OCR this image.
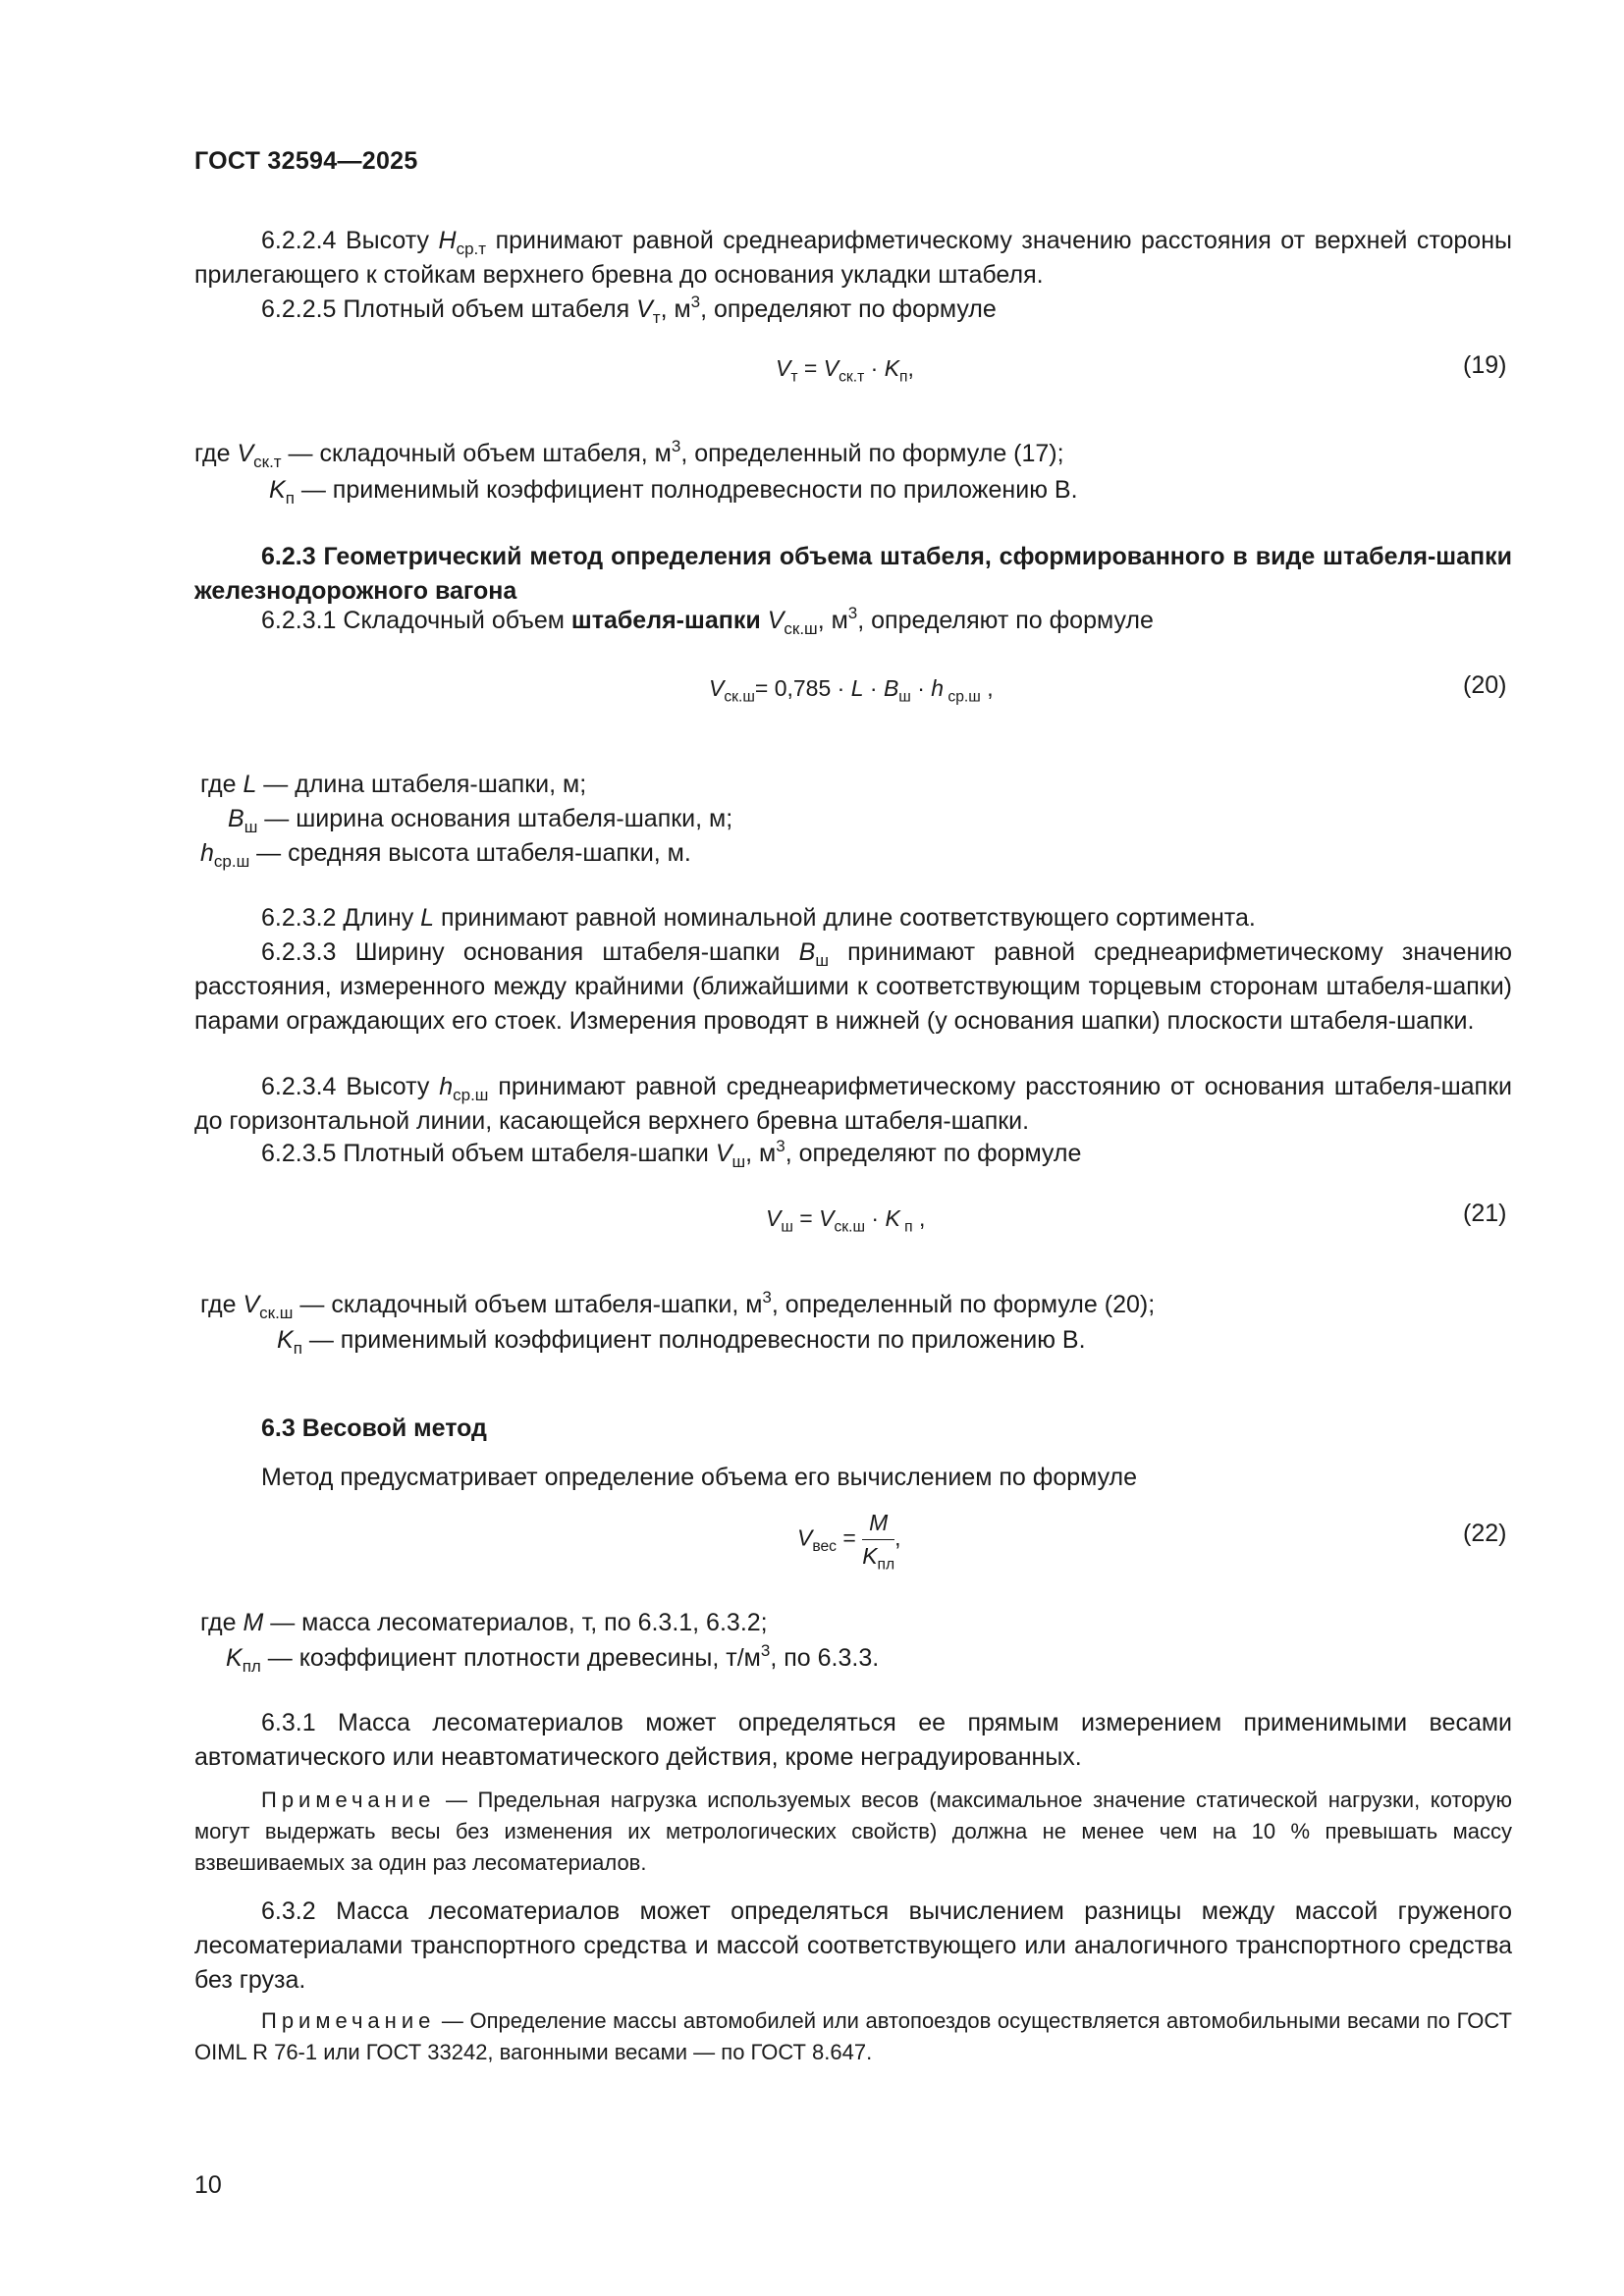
ГОСТ 32594—2025
6.2.2.4 Высоту $H_{ср.т}$ принимают равной среднеарифметическому значению расстояния от верхней стороны прилегающего к стойкам верхнего бревна до основания укладки штабеля.
6.2.2.5 Плотный объем штабеля $V_т$, $м^3$, определяют по формуле
$V_т = V_{ск.т} \cdot K_п$,	(19)
где $V_{ск.т}$ — складочный объем штабеля, $м^3$, определенный по формуле (17);
$K_п$ — применимый коэффициент полнодревесности по приложению В.
6.2.3 Геометрический метод определения объема штабеля, сформированного в виде штабеля-шапки железнодорожного вагона
6.2.3.1 Складочный объем штабеля-шапки $V_{ск.ш}$, $м^3$, определяют по формуле
$V_{ск.ш}= 0,785 \cdot L \cdot B_ш \cdot h$ $_{ср.ш}$ ,	(20)
где L — длина штабеля-шапки, м;
$B_ш$ — ширина основания штабеля-шапки, м;
$h_{ср.ш}$ — средняя высота штабеля-шапки, м.
6.2.3.2 Длину L принимают равной номинальной длине соответствующего сортимента.
6.2.3.3 Ширину основания штабеля-шапки $B_ш$ принимают равной среднеарифметическому значению расстояния, измеренного между крайними (ближайшими к соответствующим торцевым сторонам штабеля-шапки) парами ограждающих его стоек. Измерения проводят в нижней (у основания шапки) плоскости штабеля-шапки.
6.2.3.4 Высоту $h_{ср.ш}$ принимают равной среднеарифметическому расстоянию от основания штабеля-шапки до горизонтальной линии, касающейся верхнего бревна штабеля-шапки.
6.2.3.5 Плотный объем штабеля-шапки $V_ш$, $м^3$, определяют по формуле
$V_ш = V_{ск.ш} \cdot K$ $_п$ ,	(21)
где $V_{ск.ш}$ — складочный объем штабеля-шапки, $м^3$, определенный по формуле (20);
$K_п$ — применимый коэффициент полнодревесности по приложению В.
6.3 Весовой метод
Метод предусматривает определение объема его вычислением по формуле
$V_{вес} = \frac{M}{K_{пл}}$ ,	(22)
где M — масса лесоматериалов, т, по 6.3.1, 6.3.2;
$K_{пл}$ — коэффициент плотности древесины, $т/м^3$, по 6.3.3.
6.3.1 Масса лесоматериалов может определяться ее прямым измерением применимыми весами автоматического или неавтоматического действия, кроме неградуированных.
Примечание — Предельная нагрузка используемых весов (максимальное значение статической нагрузки, которую могут выдержать весы без изменения их метрологических свойств) должна не менее чем на 10 % превышать массу взвешиваемых за один раз лесоматериалов.
6.3.2 Масса лесоматериалов может определяться вычислением разницы между массой груженого лесоматериалами транспортного средства и массой соответствующего или аналогичного транспортного средства без груза.
Примечание — Определение массы автомобилей или автопоездов осуществляется автомобильными весами по ГОСТ OIML R 76-1 или ГОСТ 33242, вагонными весами — по ГОСТ 8.647.
10
